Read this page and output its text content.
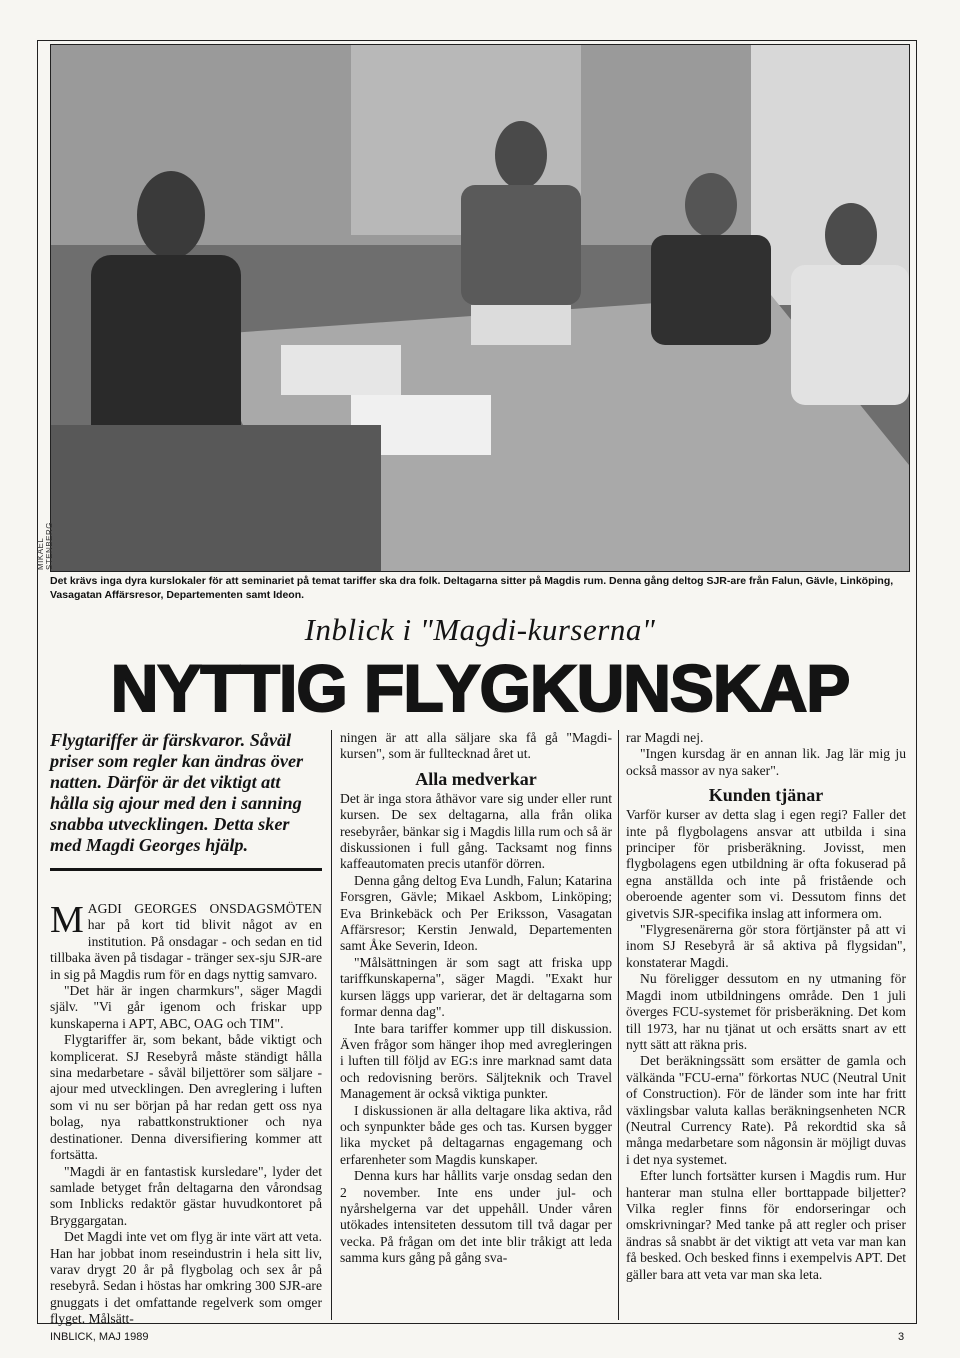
MIKAEL STENBERG
Det krävs inga dyra kurslokaler för att seminariet på temat tariffer ska dra folk. Deltagarna sitter på Magdis rum. Denna gång deltog SJR-are från Falun, Gävle, Linköping, Vasagatan Affärsresor, Departementen samt Ideon.
Inblick i "Magdi-kurserna"
NYTTIG FLYGKUNSKAP
Flygtariffer är färskvaror. Såväl priser som regler kan ändras över natten. Därför är det viktigt att hålla sig ajour med den i sanning snabba utvecklingen. Detta sker med Magdi Georges hjälp.

MAGDI GEORGES ONSDAGSMÖTEN har på kort tid blivit något av en institution. På onsdagar - och sedan en tid tillbaka även på tisdagar - tränger sex-sju SJR-are in sig på Magdis rum för en dags nyttig samvaro.

"Det här är ingen charmkurs", säger Magdi själv. "Vi går igenom och friskar upp kunskaperna i APT, ABC, OAG och TIM".

Flygtariffer är, som bekant, både viktigt och komplicerat. SJ Resebyrå måste ständigt hålla sina medarbetare - såväl biljettörer som säljare - ajour med utvecklingen. Den avreglering i luften som vi nu ser början på har redan gett oss nya bolag, nya rabattkonstruktioner och nya destinationer. Denna diversifiering kommer att fortsätta.

"Magdi är en fantastisk kursledare", lyder det samlade betyget från deltagarna den vårondsag som Inblicks redaktör gästar huvudkontoret på Bryggargatan.

Det Magdi inte vet om flyg är inte värt att veta. Han har jobbat inom reseindustrin i hela sitt liv, varav drygt 20 år på flygbolag och sex år på resebyrå. Sedan i höstas har omkring 300 SJR-are gnuggats i det omfattande regelverk som omger flyget. Målsätt-

ningen är att alla säljare ska få gå "Magdi-kursen", som är fulltecknad året ut.

Alla medverkar

Det är inga stora åthävor vare sig under eller runt kursen. De sex deltagarna, alla från olika resebyråer, bänkar sig i Magdis lilla rum och så är diskussionen i full gång. Tacksamt nog finns kaffeautomaten precis utanför dörren.

Denna gång deltog Eva Lundh, Falun; Katarina Forsgren, Gävle; Mikael Askbom, Linköping; Eva Brinkebäck och Per Eriksson, Vasagatan Affärsresor; Kerstin Jenwald, Departementen samt Åke Severin, Ideon.

"Målsättningen är som sagt att friska upp tariffkunskaperna", säger Magdi. "Exakt hur kursen läggs upp varierar, det är deltagarna som formar denna dag".

Inte bara tariffer kommer upp till diskussion. Även frågor som hänger ihop med avregleringen i luften till följd av EG:s inre marknad samt data och redovisning berörs. Säljteknik och Travel Management är också viktiga punkter.

I diskussionen är alla deltagare lika aktiva, råd och synpunkter både ges och tas. Kursen bygger lika mycket på deltagarnas engagemang och erfarenheter som Magdis kunskaper.

Denna kurs har hållits varje onsdag sedan den 2 november. Inte ens under jul- och nyårshelgerna var det uppehåll. Under våren utökades intensiteten dessutom till två dagar per vecka. På frågan om det inte blir tråkigt att leda samma kurs gång på gång sva-

rar Magdi nej.

"Ingen kursdag är en annan lik. Jag lär mig ju också massor av nya saker".

Kunden tjänar

Varför kurser av detta slag i egen regi? Faller det inte på flygbolagens ansvar att utbilda i sina principer för prisberäkning. Jovisst, men flygbolagens egen utbildning är ofta fokuserad på egna anställda och inte på fristående och oberoende agenter som vi. Dessutom finns det givetvis SJR-specifika inslag att informera om.

"Flygresenärerna gör stora förtjänster på att vi inom SJ Resebyrå är så aktiva på flygsidan", konstaterar Magdi.

Nu föreligger dessutom en ny utmaning för Magdi inom utbildningens område. Den 1 juli överges FCU-systemet för prisberäkning. Det kom till 1973, har nu tjänat ut och ersätts snart av ett nytt sätt att räkna pris.

Det beräkningssätt som ersätter de gamla och välkända "FCU-erna" förkortas NUC (Neutral Unit of Construction). För de länder som inte har fritt växlingsbar valuta kallas beräkningsenheten NCR (Neutral Currency Rate). På rekordtid ska så många medarbetare som någonsin är möjligt duvas i det nya systemet.

Efter lunch fortsätter kursen i Magdis rum. Hur hanterar man stulna eller borttappade biljetter? Vilka regler finns för endorseringar och omskrivningar? Med tanke på att regler och priser ändras så snabbt är det viktigt att veta var man kan få besked. Och besked finns i exempelvis APT. Det gäller bara att veta var man ska leta.

INBLICK, MAJ 1989	3
